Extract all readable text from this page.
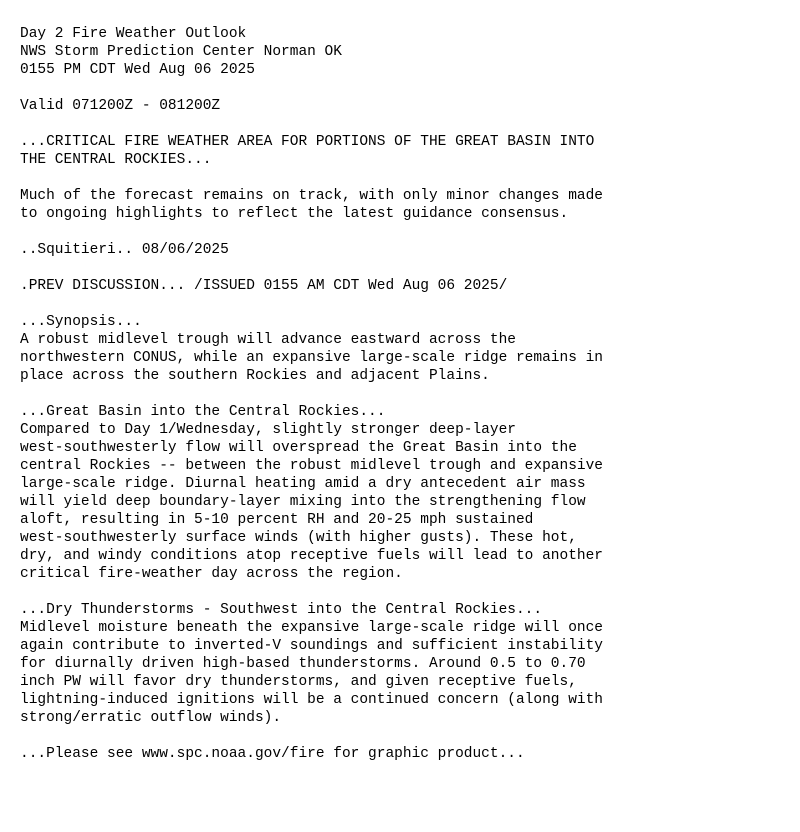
Day 2 Fire Weather Outlook
NWS Storm Prediction Center Norman OK
0155 PM CDT Wed Aug 06 2025
Valid 071200Z - 081200Z
...CRITICAL FIRE WEATHER AREA FOR PORTIONS OF THE GREAT BASIN INTO
THE CENTRAL ROCKIES...
Much of the forecast remains on track, with only minor changes made
to ongoing highlights to reflect the latest guidance consensus.
..Squitieri.. 08/06/2025
.PREV DISCUSSION... /ISSUED 0155 AM CDT Wed Aug 06 2025/
...Synopsis...
A robust midlevel trough will advance eastward across the
northwestern CONUS, while an expansive large-scale ridge remains in
place across the southern Rockies and adjacent Plains.
...Great Basin into the Central Rockies...
Compared to Day 1/Wednesday, slightly stronger deep-layer
west-southwesterly flow will overspread the Great Basin into the
central Rockies -- between the robust midlevel trough and expansive
large-scale ridge. Diurnal heating amid a dry antecedent air mass
will yield deep boundary-layer mixing into the strengthening flow
aloft, resulting in 5-10 percent RH and 20-25 mph sustained
west-southwesterly surface winds (with higher gusts). These hot,
dry, and windy conditions atop receptive fuels will lead to another
critical fire-weather day across the region.
...Dry Thunderstorms - Southwest into the Central Rockies...
Midlevel moisture beneath the expansive large-scale ridge will once
again contribute to inverted-V soundings and sufficient instability
for diurnally driven high-based thunderstorms. Around 0.5 to 0.70
inch PW will favor dry thunderstorms, and given receptive fuels,
lightning-induced ignitions will be a continued concern (along with
strong/erratic outflow winds).
...Please see www.spc.noaa.gov/fire for graphic product...
